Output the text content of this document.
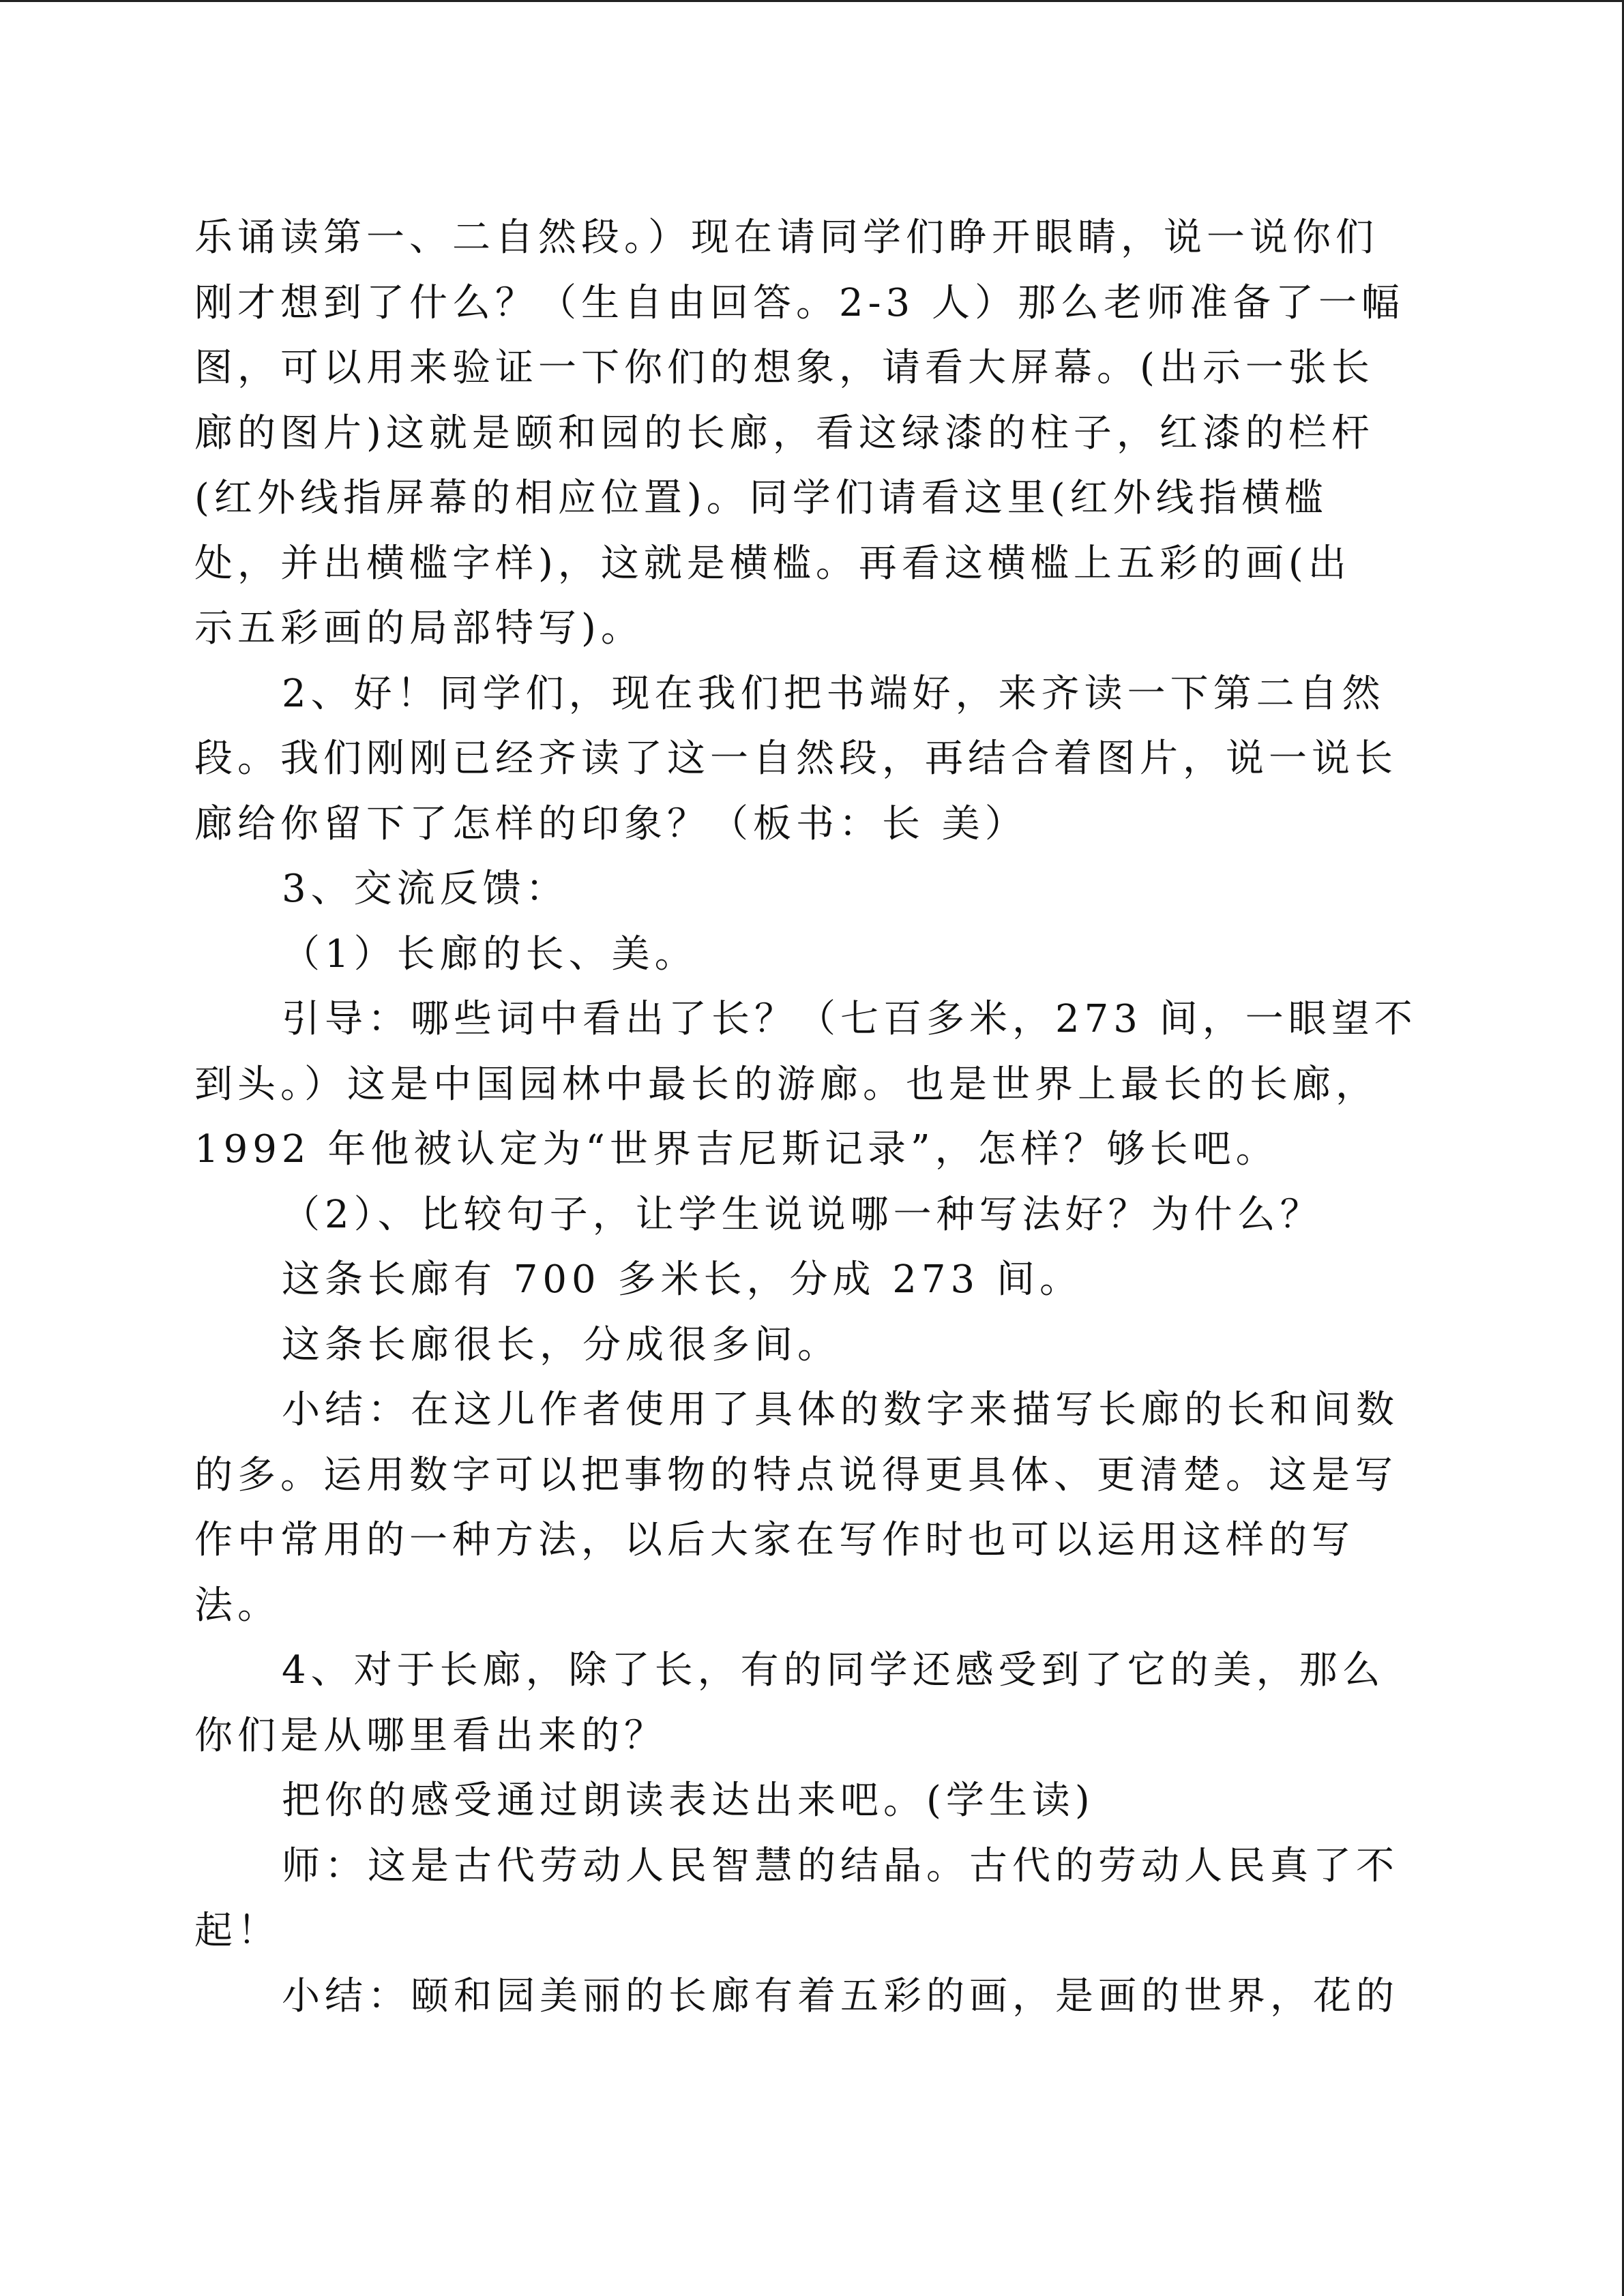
乐诵读第一、二自然段。）现在请同学们睁开眼睛，说一说你们
刚才想到了什么？（生自由回答。2-3 人）那么老师准备了一幅
图，可以用来验证一下你们的想象，请看大屏幕。(出示一张长
廊的图片)这就是颐和园的长廊，看这绿漆的柱子，红漆的栏杆
(红外线指屏幕的相应位置)。同学们请看这里(红外线指横槛
处，并出横槛字样)，这就是横槛。再看这横槛上五彩的画(出
示五彩画的局部特写)。
2、好！同学们，现在我们把书端好，来齐读一下第二自然
段。我们刚刚已经齐读了这一自然段，再结合着图片，说一说长
廊给你留下了怎样的印象？（板书：长 美）
3、交流反馈：
（1）长廊的长、美。
引导：哪些词中看出了长？（七百多米，273 间，一眼望不
到头。）这是中国园林中最长的游廊。也是世界上最长的长廊，
1992 年他被认定为“世界吉尼斯记录”，怎样？够长吧。
（2）、比较句子，让学生说说哪一种写法好？为什么？
这条长廊有 700 多米长，分成 273 间。
这条长廊很长，分成很多间。
小结：在这儿作者使用了具体的数字来描写长廊的长和间数
的多。运用数字可以把事物的特点说得更具体、更清楚。这是写
作中常用的一种方法，以后大家在写作时也可以运用这样的写
法。
4、对于长廊，除了长，有的同学还感受到了它的美，那么
你们是从哪里看出来的？
把你的感受通过朗读表达出来吧。(学生读)
师：这是古代劳动人民智慧的结晶。古代的劳动人民真了不
起！
小结：颐和园美丽的长廊有着五彩的画，是画的世界，花的
